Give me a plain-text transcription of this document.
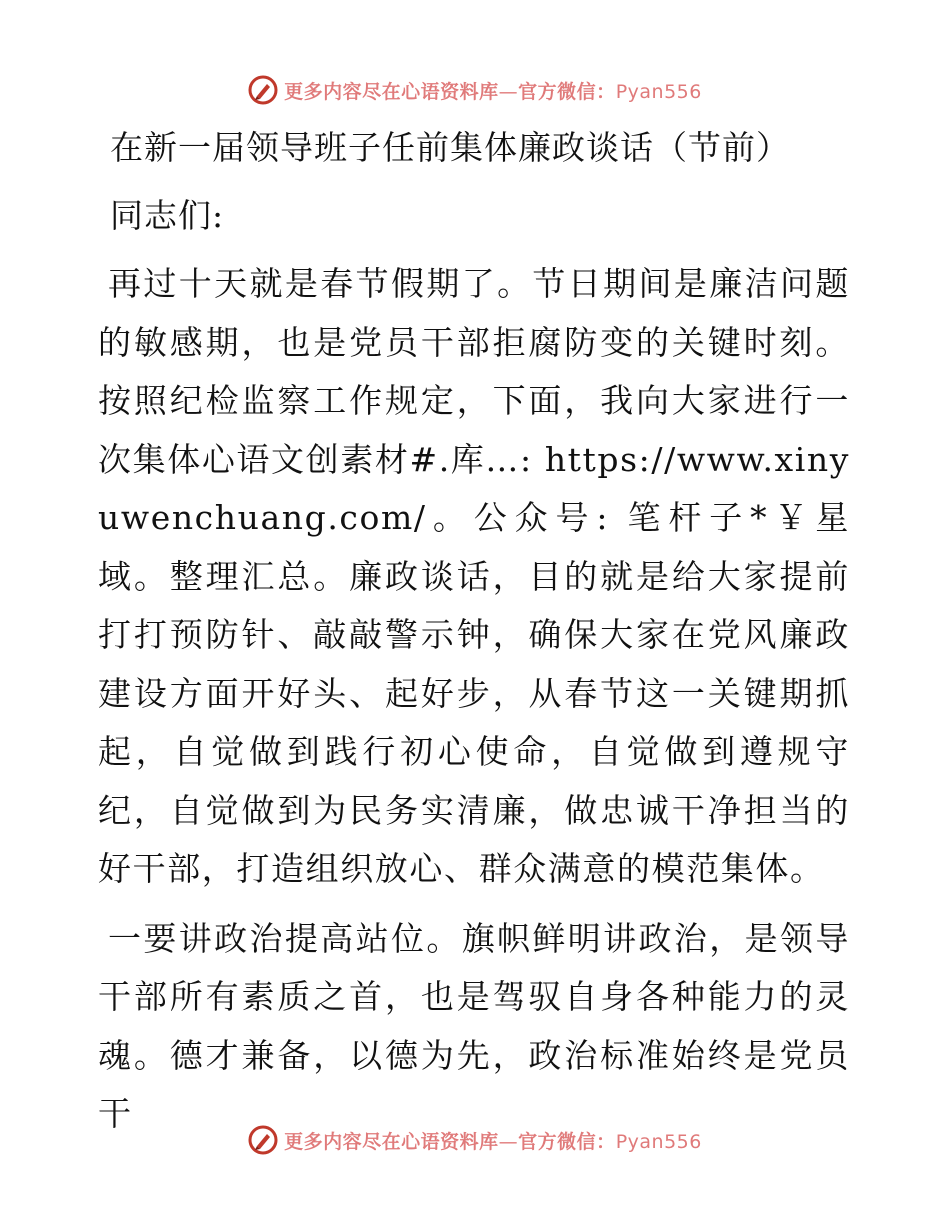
更多内容尽在心语资料库—官方微信：Pyan556
在新一届领导班子任前集体廉政谈话（节前）

同志们:

再过十天就是春节假期了。节日期间是廉洁问题的敏感期，也是党员干部拒腐防变的关键时刻。按照纪检监察工作规定，下面，我向大家进行一次集体心语文创素材#.库…: https://www.xinyuwenchuang.com/。公众号: 笔杆子*￥星域。整理汇总。廉政谈话，目的就是给大家提前打打预防针、敲敲警示钟，确保大家在党风廉政建设方面开好头、起好步，从春节这一关键期抓起，自觉做到践行初心使命，自觉做到遵规守纪，自觉做到为民务实清廉，做忠诚干净担当的好干部，打造组织放心、群众满意的模范集体。

一要讲政治提高站位。旗帜鲜明讲政治，是领导干部所有素质之首，也是驾驭自身各种能力的灵魂。德才兼备，以德为先，政治标准始终是党员干

更多内容尽在心语资料库—官方微信：Pyan556
